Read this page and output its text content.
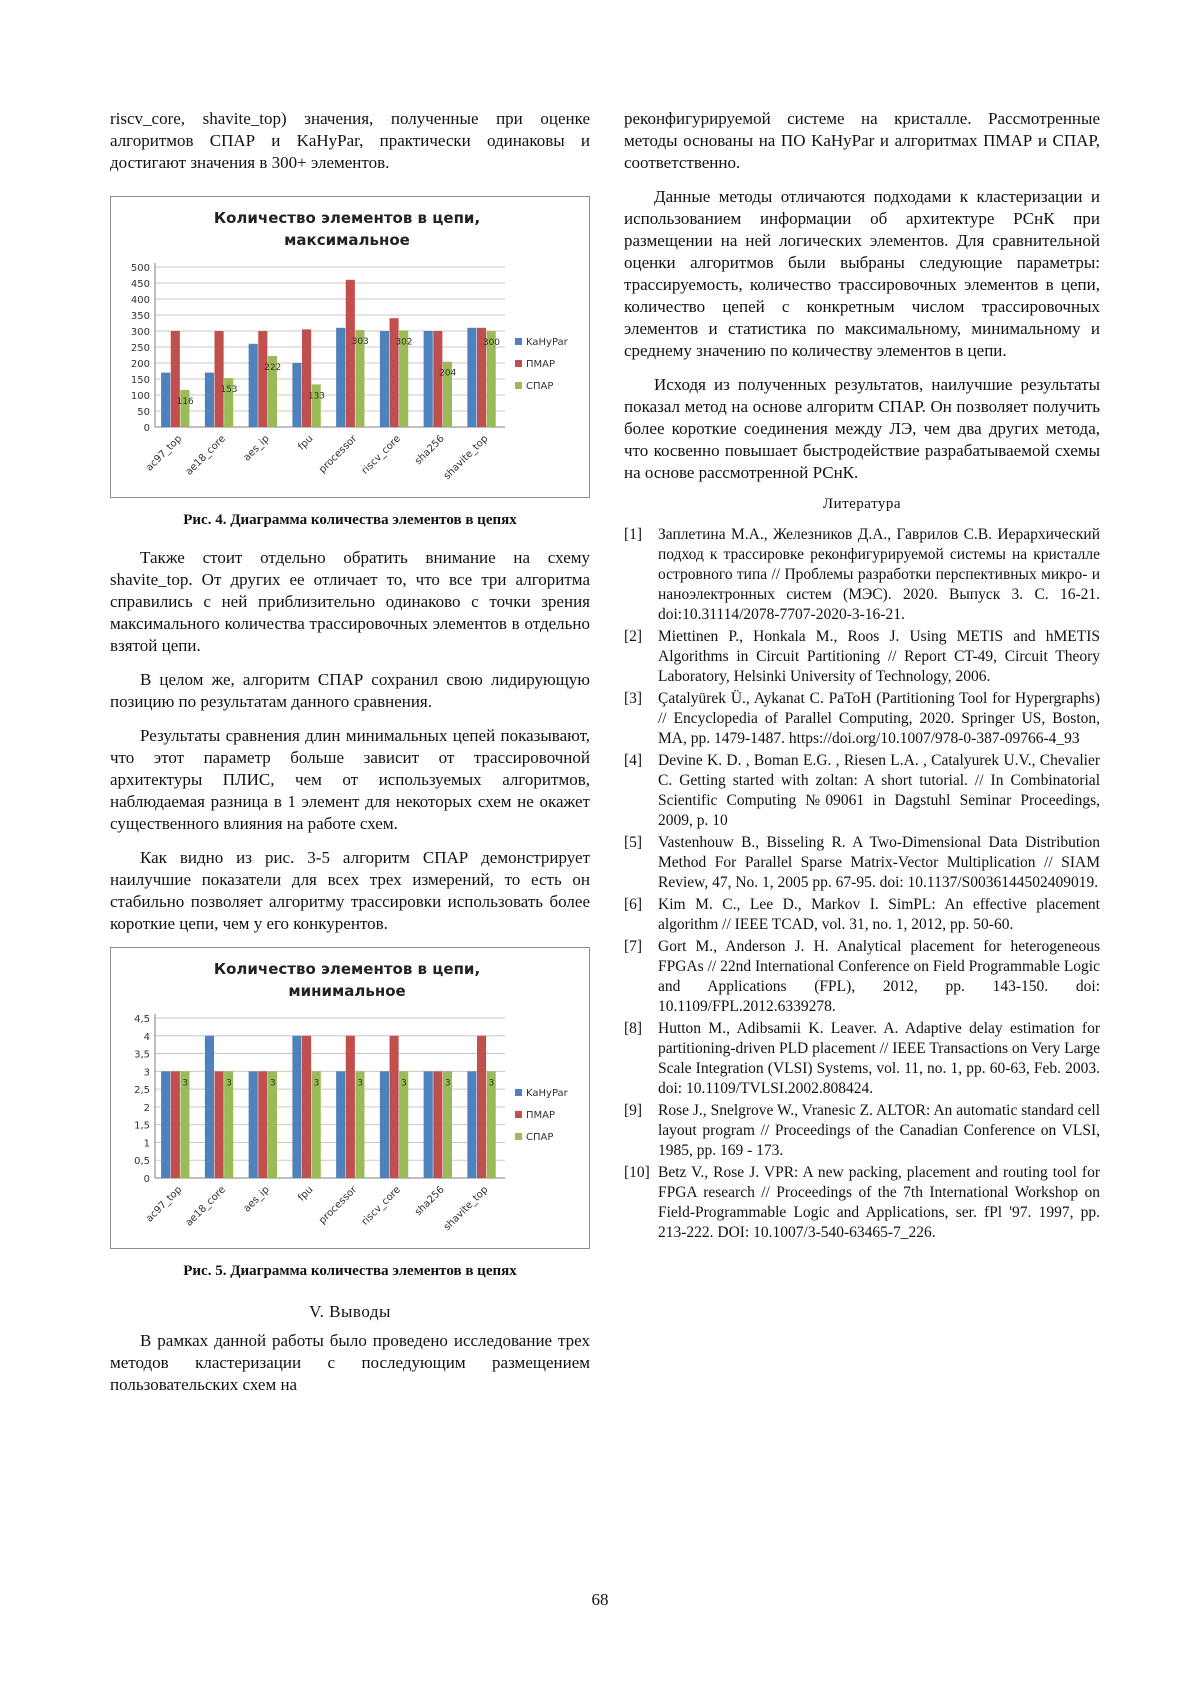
riscv_core, shavite_top) значения, полученные при оценке алгоритмов СПАР и KaHyPar, практически одинаковы и достигают значения в 300+ элементов.

Количество элементов в цепи,
максимальное
0
50
100
150
200
250
300
350
400
450
500
116
ac97_top
153
ae18_core
222
aes_ip
133
fpu
303
processor
302
riscv_core
204
sha256
300
shavite_top
KaHyPar
ПМАР
СПАР
Рис. 4. Диаграмма количества элементов в цепях

Также стоит отдельно обратить внимание на схему shavite_top. От других ее отличает то, что все три алгоритма справились с ней приблизительно одинаково с точки зрения максимального количества трассировочных элементов в отдельно взятой цепи.

В целом же, алгоритм СПАР сохранил свою лидирующую позицию по результатам данного сравнения.

Результаты сравнения длин минимальных цепей показывают, что этот параметр больше зависит от трассировочной архитектуры ПЛИС, чем от используемых алгоритмов, наблюдаемая разница в 1 элемент для некоторых схем не окажет существенного влияния на работе схем.

Как видно из рис. 3-5 алгоритм СПАР демонстрирует наилучшие показатели для всех трех измерений, то есть он стабильно позволяет алгоритму трассировки использовать более короткие цепи, чем у его конкурентов.

Количество элементов в цепи,
минимальное
0
0,5
1
1,5
2
2,5
3
3,5
4
4,5
3
ac97_top
3
ae18_core
3
aes_ip
3
fpu
3
processor
3
riscv_core
3
sha256
3
shavite_top
KaHyPar
ПМАР
СПАР
Рис. 5. Диаграмма количества элементов в цепях
V. Выводы

В рамках данной работы было проведено исследование трех методов кластеризации с последующим размещением пользовательских схем на

реконфигурируемой системе на кристалле. Рассмотренные методы основаны на ПО KaHyPar и алгоритмах ПМАР и СПАР, соответственно.

Данные методы отличаются подходами к кластеризации и использованием информации об архитектуре РСнК при размещении на ней логических элементов. Для сравнительной оценки алгоритмов были выбраны следующие параметры: трассируемость, количество трассировочных элементов в цепи, количество цепей с конкретным числом трассировочных элементов и статистика по максимальному, минимальному и среднему значению по количеству элементов в цепи.

Исходя из полученных результатов, наилучшие результаты показал метод на основе алгоритм СПАР. Он позволяет получить более короткие соединения между ЛЭ, чем два других метода, что косвенно повышает быстродействие разрабатываемой схемы на основе рассмотренной РСнК.

Литература
[1] Заплетина М.А., Железников Д.А., Гаврилов С.В. Иерархический подход к трассировке реконфигурируемой системы на кристалле островного типа // Проблемы разработки перспективных микро- и наноэлектронных систем (МЭС). 2020. Выпуск 3. С. 16-21. doi:10.31114/2078-7707-2020-3-16-21.
[2] Miettinen P., Honkala M., Roos J. Using METIS and hMETIS Algorithms in Circuit Partitioning // Report CT-49, Circuit Theory Laboratory, Helsinki University of Technology, 2006.
[3] Çatalyürek Ü., Aykanat C. PaToH (Partitioning Tool for Hypergraphs) // Encyclopedia of Parallel Computing, 2020. Springer US, Boston, MA, pp. 1479-1487. https://doi.org/10.1007/978-0-387-09766-4_93
[4] Devine K. D. , Boman E.G. , Riesen L.A. , Catalyurek U.V., Chevalier C. Getting started with zoltan: A short tutorial. // In Combinatorial Scientific Computing №09061 in Dagstuhl Seminar Proceedings, 2009, p. 10
[5] Vastenhouw B., Bisseling R. A Two-Dimensional Data Distribution Method For Parallel Sparse Matrix-Vector Multiplication // SIAM Review, 47, No. 1, 2005 pp. 67-95. doi: 10.1137/S0036144502409019.
[6] Kim M. C., Lee D., Markov I. SimPL: An effective placement algorithm // IEEE TCAD, vol. 31, no. 1, 2012, pp. 50-60.
[7] Gort M., Anderson J. H. Analytical placement for heterogeneous FPGAs // 22nd International Conference on Field Programmable Logic and Applications (FPL), 2012, pp. 143-150. doi: 10.1109/FPL.2012.6339278.
[8] Hutton M., Adibsamii K. Leaver. A. Adaptive delay estimation for partitioning-driven PLD placement // IEEE Transactions on Very Large Scale Integration (VLSI) Systems, vol. 11, no. 1, pp. 60-63, Feb. 2003. doi: 10.1109/TVLSI.2002.808424.
[9] Rose J., Snelgrove W., Vranesic Z. ALTOR: An automatic standard cell layout program // Proceedings of the Canadian Conference on VLSI, 1985, pp. 169 - 173.
[10] Betz V., Rose J. VPR: A new packing, placement and routing tool for FPGA research // Proceedings of the 7th International Workshop on Field-Programmable Logic and Applications, ser. fPl '97. 1997, pp. 213-222. DOI: 10.1007/3-540-63465-7_226.
68
